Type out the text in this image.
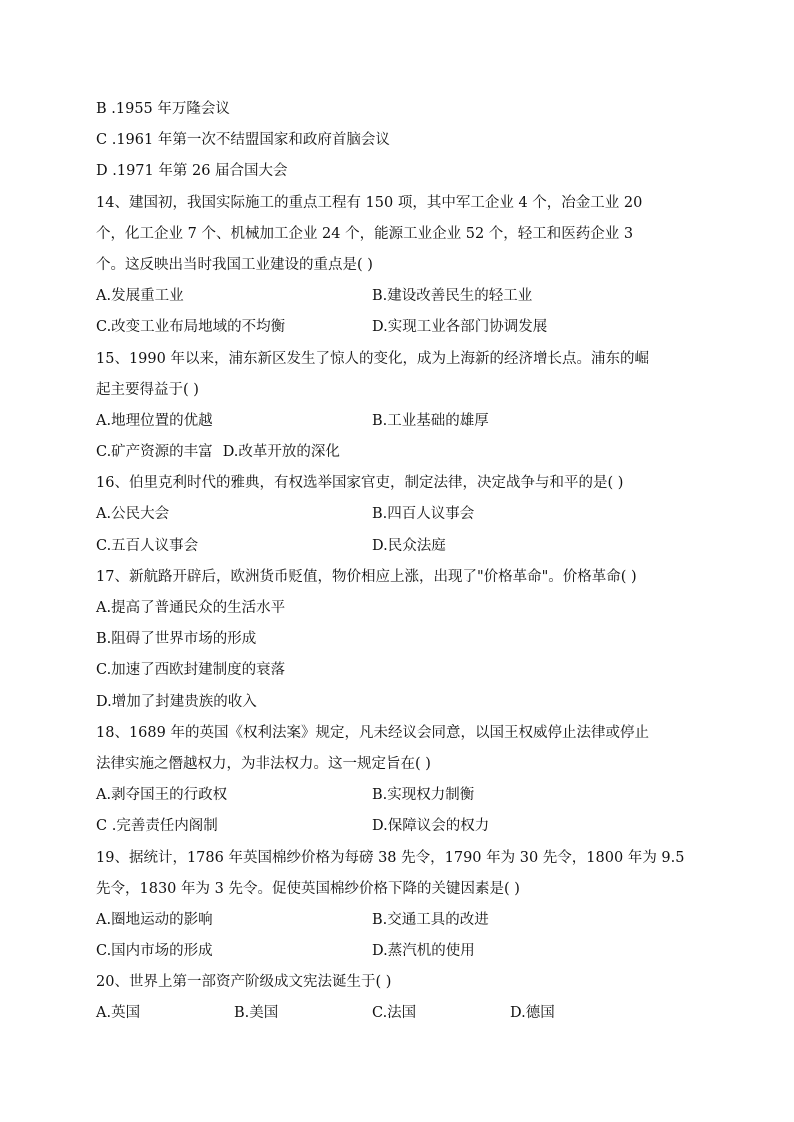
B .1955 年万隆会议
C .1961 年第一次不结盟国家和政府首脑会议
D .1971 年第 26 届合国大会
14、建国初，我国实际施工的重点工程有 150 项，其中军工企业 4 个，冶金工业 20
个，化工企业 7 个、机械加工企业 24 个，能源工业企业 52 个，轻工和医药企业 3
个。这反映出当时我国工业建设的重点是( )
A.发展重工业	B.建设改善民生的轻工业
C.改变工业布局地域的不均衡	D.实现工业各部门协调发展
15、1990 年以来，浦东新区发生了惊人的变化，成为上海新的经济增长点。浦东的崛
起主要得益于( )
A.地理位置的优越	B.工业基础的雄厚
C.矿产资源的丰富 D.改革开放的深化
16、伯里克利时代的雅典，有权选举国家官吏，制定法律，决定战争与和平的是( )
A.公民大会	B.四百人议事会
C.五百人议事会	D.民众法庭
17、新航路开辟后，欧洲货币贬值，物价相应上涨，出现了"价格革命"。价格革命( )
A.提高了普通民众的生活水平
B.阻碍了世界市场的形成
C.加速了西欧封建制度的衰落
D.增加了封建贵族的收入
18、1689 年的英国《权利法案》规定，凡未经议会同意，以国王权威停止法律或停止
法律实施之僭越权力，为非法权力。这一规定旨在( )
A.剥夺国王的行政权	B.实现权力制衡
C .完善责任内阁制	D.保障议会的权力
19、据统计，1786 年英国棉纱价格为每磅 38 先令，1790 年为 30 先令，1800 年为 9.5
先令，1830 年为 3 先令。促使英国棉纱价格下降的关键因素是( )
A.圈地运动的影响	B.交通工具的改进
C.国内市场的形成	D.蒸汽机的使用
20、世界上第一部资产阶级成文宪法诞生于( )
A.英国	B.美国	C.法国	D.德国
